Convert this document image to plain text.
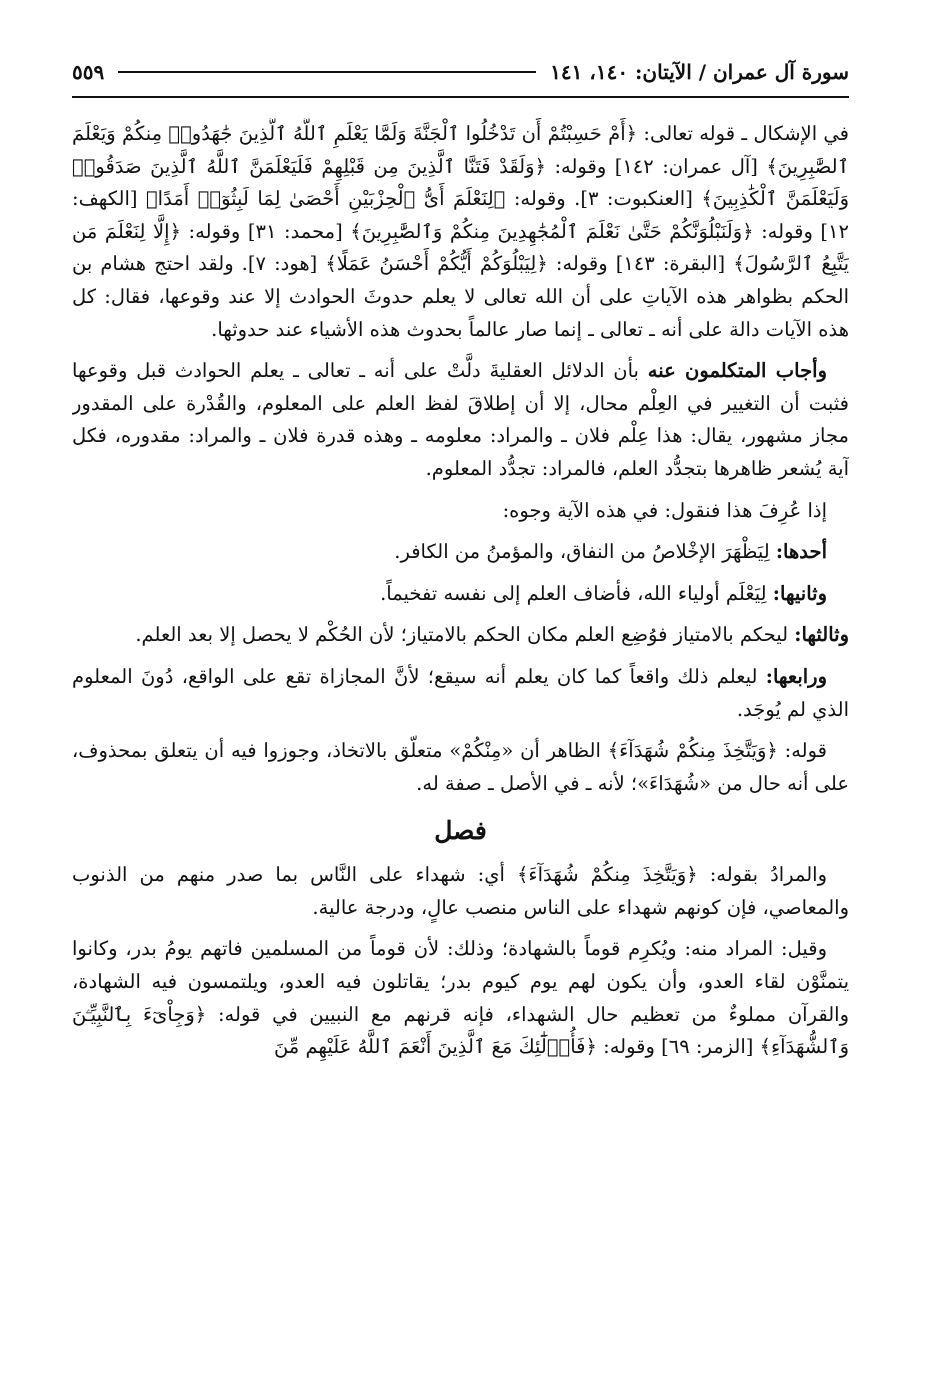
سورة آل عمران / الآيتان: ١٤٠، ١٤١
٥٥٩

في الإشكال ـ قوله تعالى: ﴿أَمْ حَسِبْتُمْ أَن تَدْخُلُوا ٱلْجَنَّةَ وَلَمَّا يَعْلَمِ ٱللَّهُ ٱلَّذِينَ جَٰهَدُوا۟ مِنكُمْ وَيَعْلَمَ ٱلصَّٰبِرِينَ﴾ [آل عمران: ١٤٢] وقوله: ﴿وَلَقَدْ فَتَنَّا ٱلَّذِينَ مِن قَبْلِهِمْ فَلَيَعْلَمَنَّ ٱللَّهُ ٱلَّذِينَ صَدَقُوا۟ وَلَيَعْلَمَنَّ ٱلْكَٰذِبِينَ﴾ [العنكبوت: ٣]. وقوله: ﴿لِنَعْلَمَ أَىُّ ٱلْحِزْبَيْنِ أَحْصَىٰ لِمَا لَبِثُوٓا۟ أَمَدًا﴾ [الكهف: ١٢] وقوله: ﴿وَلَنَبْلُوَنَّكُمْ حَتَّىٰ نَعْلَمَ ٱلْمُجَٰهِدِينَ مِنكُمْ وَٱلصَّٰبِرِينَ﴾ [محمد: ٣١] وقوله: ﴿إِلَّا لِنَعْلَمَ مَن يَتَّبِعُ ٱلرَّسُولَ﴾ [البقرة: ١٤٣] وقوله: ﴿لِيَبْلُوَكُمْ أَيُّكُمْ أَحْسَنُ عَمَلًا﴾ [هود: ٧]. ولقد احتج هشام بن الحكم بظواهر هذه الآياتِ على أن الله تعالى لا يعلم حدوثَ الحوادث إلا عند وقوعها، فقال: كل هذه الآيات دالة على أنه ـ تعالى ـ إنما صار عالماً بحدوث هذه الأشياء عند حدوثها.

وأجاب المتكلمون عنه بأن الدلائل العقليةَ دلَّتْ على أنه ـ تعالى ـ يعلم الحوادث قبل وقوعها فثبت أن التغيير في العِلْم محال، إلا أن إطلاقَ لفظ العلم على المعلوم، والقُدْرة على المقدور مجاز مشهور، يقال: هذا عِلْم فلان ـ والمراد: معلومه ـ وهذه قدرة فلان ـ والمراد: مقدوره، فكل آية يُشعر ظاهرها بتجدُّد العلم، فالمراد: تجدُّد المعلوم.

إذا عُرِفَ هذا فنقول: في هذه الآية وجوه:

أحدها: لِيَظْهَرَ الإخْلاصُ من النفاق، والمؤمنُ من الكافر.

وثانيها: لِيَعْلَم أولياء الله، فأضاف العلم إلى نفسه تفخيماً.

وثالثها: ليحكم بالامتياز فوُضِع العلم مكان الحكم بالامتياز؛ لأن الحُكْم لا يحصل إلا بعد العلم.

ورابعها: ليعلم ذلك واقعاً كما كان يعلم أنه سيقع؛ لأنَّ المجازاة تقع على الواقع، دُونَ المعلوم الذي لم يُوجَد.

قوله: ﴿وَيَتَّخِذَ مِنكُمْ شُهَدَآءَ﴾ الظاهر أن «مِنْكُمْ» متعلّق بالاتخاذ، وجوزوا فيه أن يتعلق بمحذوف، على أنه حال من «شُهَدَاءَ»؛ لأنه ـ في الأصل ـ صفة له.

فصل

والمرادُ بقوله: ﴿وَيَتَّخِذَ مِنكُمْ شُهَدَآءَ﴾ أي: شهداء على النَّاس بما صدر منهم من الذنوب والمعاصي، فإن كونهم شهداء على الناس منصب عالٍ، ودرجة عالية.

وقيل: المراد منه: ويُكرِم قوماً بالشهادة؛ وذلك: لأن قوماً من المسلمين فاتهم يومُ بدر، وكانوا يتمنَّوْن لقاء العدو، وأن يكون لهم يوم كيوم بدر؛ يقاتلون فيه العدو، ويلتمسون فيه الشهادة، والقرآن مملوءٌ من تعظيم حال الشهداء، فإنه قرنهم مع النبيين في قوله: ﴿وَجِاْىٓءَ بِٱلنَّبِيِّـۧنَ وَٱلشُّهَدَآءِ﴾ [الزمر: ٦٩] وقوله: ﴿فَأُو۟لَٰٓئِكَ مَعَ ٱلَّذِينَ أَنْعَمَ ٱللَّهُ عَلَيْهِم مِّنَ
